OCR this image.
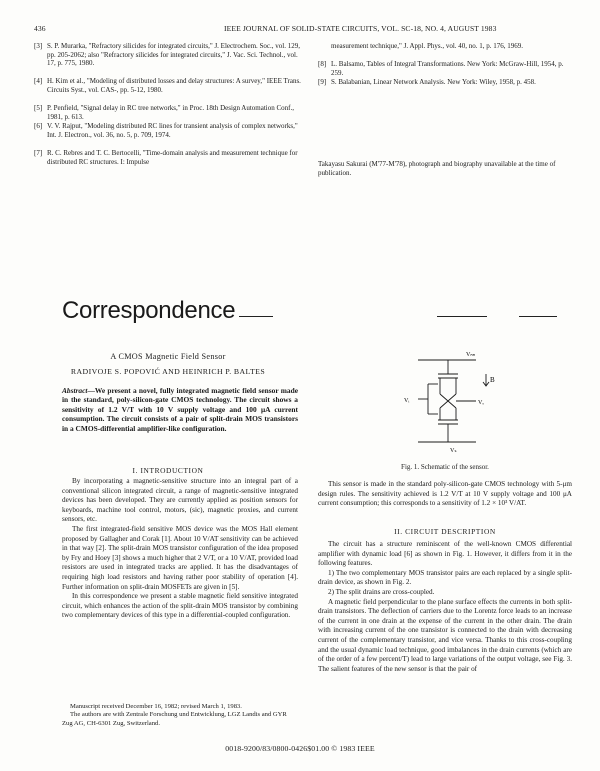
436	IEEE JOURNAL OF SOLID-STATE CIRCUITS, VOL. SC-18, NO. 4, AUGUST 1983
[3] S. P. Murarka, "Refractory silicides for integrated circuits," J. Electrochem. Soc., vol. 129, pp. 205-2062; also "Refractory silicides for integrated circuits," J. Vac. Sci. Technol., vol. 17, p. 775, 1980.
[4] H. Kim et al., "Modeling of distributed losses and delay structures: A survey," IEEE Trans. Circuits Syst., vol. CAS-, pp. 5-12, 1980.
[5] P. Penfield, "Signal delay in RC tree networks," in Proc. 18th Design Automation Conf., 1981, p. 613.
[6] V. V. Rajput, "Modeling distributed RC lines for transient analysis of complex networks," Int. J. Electron., vol. 36, no. 5, p. 709, 1974.
[7] R. C. Rebres and T. C. Bertocelli, "Time-domain analysis and measurement technique for distributed RC structures. I: Impulse
measurement technique," J. Appl. Phys., vol. 40, no. 1, p. 176, 1969.
[8] L. Balsamo, Tables of Integral Transformations. New York: McGraw-Hill, 1954, p. 259.
[9] S. Balabanian, Linear Network Analysis. New York: Wiley, 1958, p. 458.
Takayasu Sakurai (M'77-M'78), photograph and biography unavailable at the time of publication.
Correspondence
A CMOS Magnetic Field Sensor
RADIVOJE S. POPOVIĆ AND HEINRICH P. BALTES
Abstract—We present a novel, fully integrated magnetic field sensor made in the standard, poly-silicon-gate CMOS technology. The circuit shows a sensitivity of 1.2 V/T with 10 V supply voltage and 100 μA current consumption. The circuit consists of a pair of split-drain MOS transistors in a CMOS-differential amplifier-like configuration.
I. INTRODUCTION

By incorporating a magnetic-sensitive structure into an integral part of a conventional silicon integrated circuit, a range of magnetic-sensitive integrated devices has been developed. They are currently applied as position sensors for keyboards, machine tool control, motors, (sic), magnetic proxies, and current sensors, etc.

The first integrated-field sensitive MOS device was the MOS Hall element proposed by Gallagher and Corak [1]. About 10 V/AT sensitivity can be achieved in that way [2]. The split-drain MOS transistor configuration of the idea proposed by Fry and Hoey [3] shows a much higher that 2 V/T, or a 10 V/AT, provided load resistors are used in integrated tracks are applied. It has the disadvantages of requiring high load resistors and having rather poor stability of operation [4]. Further information on split-drain MOSFETs are given in [5].

In this correspondence we present a stable magnetic field sensitive integrated circuit, which enhances the action of the split-drain MOS transistor by combining two complementary devices of this type in a differential-coupled configuration.

Manuscript received December 16, 1982; revised March 1, 1983.
The authors are with Zentrale Forschung und Entwicklung, LGZ Landis and GYR Zug AG, CH-6301 Zug, Switzerland.
Vₙₙ
B
Vᵢ	Vₒ
Vₛ
Fig. 1. Schematic of the sensor.

This sensor is made in the standard poly-silicon-gate CMOS technology with 5-μm design rules. The sensitivity achieved is 1.2 V/T at 10 V supply voltage and 100 μA current consumption; this corresponds to a sensitivity of 1.2 × 10³ V/AT.

II. CIRCUIT DESCRIPTION

The circuit has a structure reminiscent of the well-known CMOS differential amplifier with dynamic load [6] as shown in Fig. 1. However, it differs from it in the following features.

1) The two complementary MOS transistor pairs are each replaced by a single split-drain device, as shown in Fig. 2.

2) The split drains are cross-coupled.

A magnetic field perpendicular to the plane surface effects the currents in both split-drain transistors. The deflection of carriers due to the Lorentz force leads to an increase of the current in one drain at the expense of the current in the other drain. The drain with increasing current of the one transistor is connected to the drain with decreasing current of the complementary transistor, and vice versa. Thanks to this cross-coupling and the usual dynamic load technique, good imbalances in the drain currents (which are of the order of a few percent/T) lead to large variations of the output voltage, see Fig. 3. The salient features of the new sensor is that the pair of

0018-9200/83/0800-0426$01.00 © 1983 IEEE
